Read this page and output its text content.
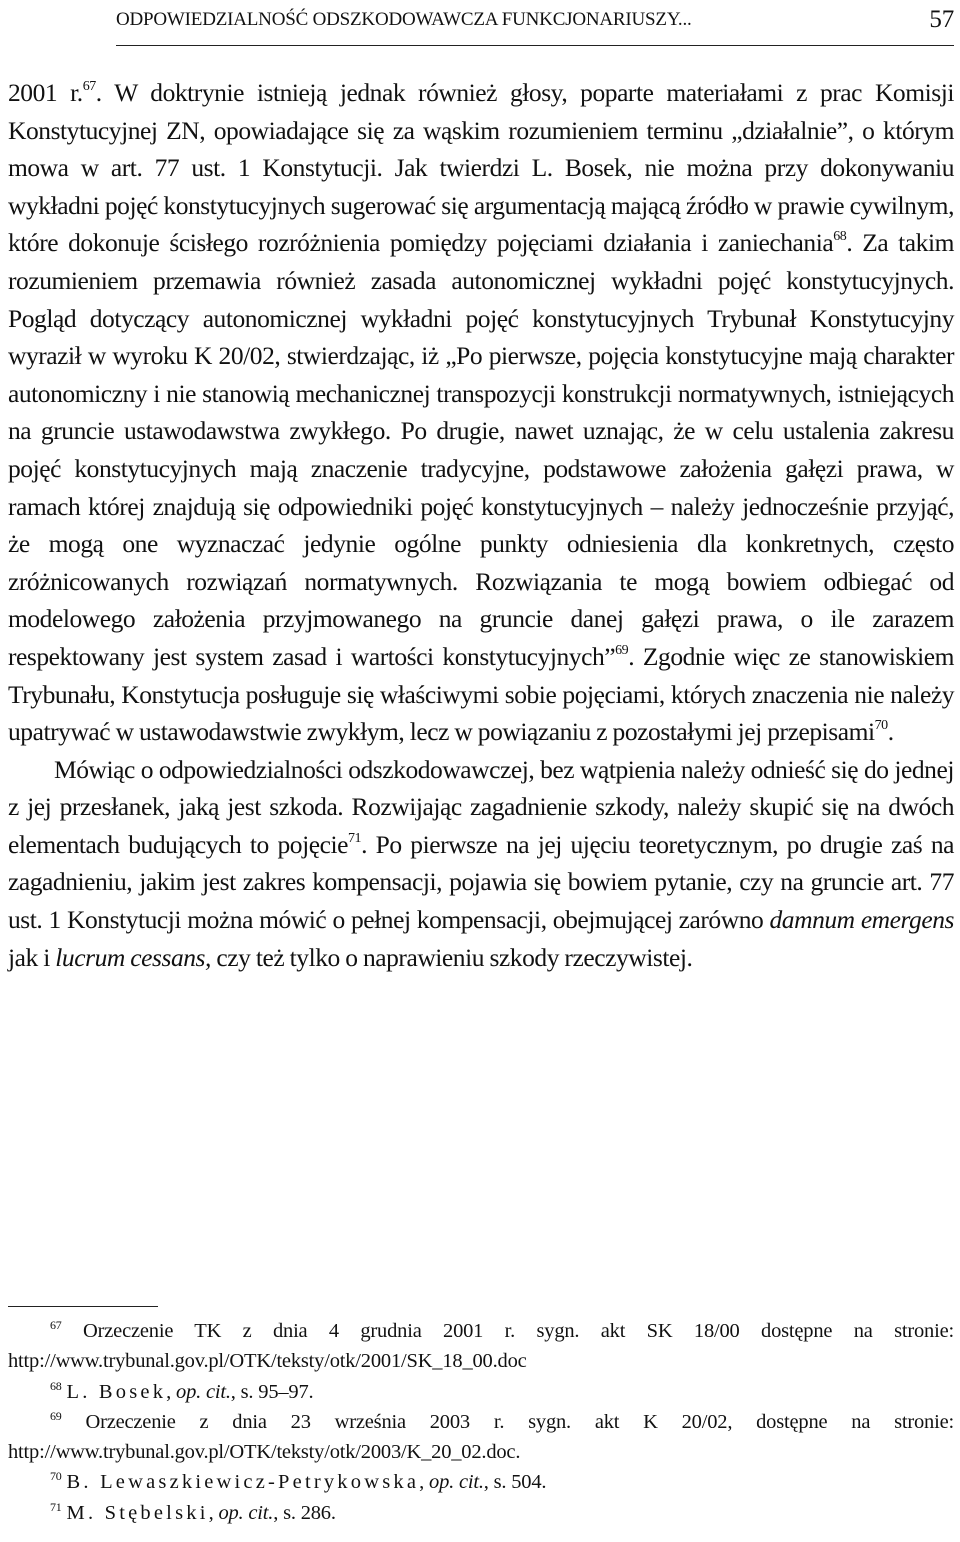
ODPOWIEDZIALNOŚĆ ODSZKODOWAWCZA FUNKCJONARIUSZY...	57

2001 r.$^{67}$. W doktrynie istnieją jednak również głosy, poparte materiałami z prac Komisji Konstytucyjnej ZN, opowiadające się za wąskim rozumieniem terminu „działalnie”, o którym mowa w art. 77 ust. 1 Konstytucji. Jak twierdzi L. Bosek, nie można przy dokonywaniu wykładni pojęć konstytucyjnych sugerować się argumentacją mającą źródło w prawie cywilnym, które dokonuje ścisłego rozróżnienia pomiędzy pojęciami działania i zaniechania$^{68}$. Za takim rozumieniem przemawia również zasada autonomicznej wykładni pojęć konstytucyjnych. Pogląd dotyczący autonomicznej wykładni pojęć konstytucyjnych Trybunał Konstytucyjny wyraził w wyroku K 20/02, stwierdzając, iż „Po pierwsze, pojęcia konstytucyjne mają charakter autonomiczny i nie stanowią mechanicznej transpozycji konstrukcji normatywnych, istniejących na gruncie ustawodawstwa zwykłego. Po drugie, nawet uznając, że w celu ustalenia zakresu pojęć konstytucyjnych mają znaczenie tradycyjne, podstawowe założenia gałęzi prawa, w ramach której znajdują się odpowiedniki pojęć konstytucyjnych – należy jednocześnie przyjąć, że mogą one wyznaczać jedynie ogólne punkty odniesienia dla konkretnych, często zróżnicowanych rozwiązań normatywnych. Rozwiązania te mogą bowiem odbiegać od modelowego założenia przyjmowanego na gruncie danej gałęzi prawa, o ile zarazem respektowany jest system zasad i wartości konstytucyjnych”$^{69}$. Zgodnie więc ze stanowiskiem Trybunału, Konstytucja posługuje się właściwymi sobie pojęciami, których znaczenia nie należy upatrywać w ustawodawstwie zwykłym, lecz w powiązaniu z pozostałymi jej przepisami$^{70}$.

Mówiąc o odpowiedzialności odszkodowawczej, bez wątpienia należy odnieść się do jednej z jej przesłanek, jaką jest szkoda. Rozwijając zagadnienie szkody, należy skupić się na dwóch elementach budujących to pojęcie$^{71}$. Po pierwsze na jej ujęciu teoretycznym, po drugie zaś na zagadnieniu, jakim jest zakres kompensacji, pojawia się bowiem pytanie, czy na gruncie art. 77 ust. 1 Konstytucji można mówić o pełnej kompensacji, obejmującej zarówno damnum emergens jak i lucrum cessans, czy też tylko o naprawieniu szkody rzeczywistej.

$^{67}$ Orzeczenie TK z dnia 4 grudnia 2001 r. sygn. akt SK 18/00 dostępne na stronie: http://www.trybunal.gov.pl/OTK/teksty/otk/2001/SK_18_00.doc

$^{68}$ L. Bosek, op. cit., s. 95–97.

$^{69}$ Orzeczenie z dnia 23 września 2003 r. sygn. akt K 20/02, dostępne na stronie: http://www.trybunal.gov.pl/OTK/teksty/otk/2003/K_20_02.doc.

$^{70}$ B. Lewaszkiewicz-Petrykowska, op. cit., s. 504.

$^{71}$ M. Stębelski, op. cit., s. 286.
